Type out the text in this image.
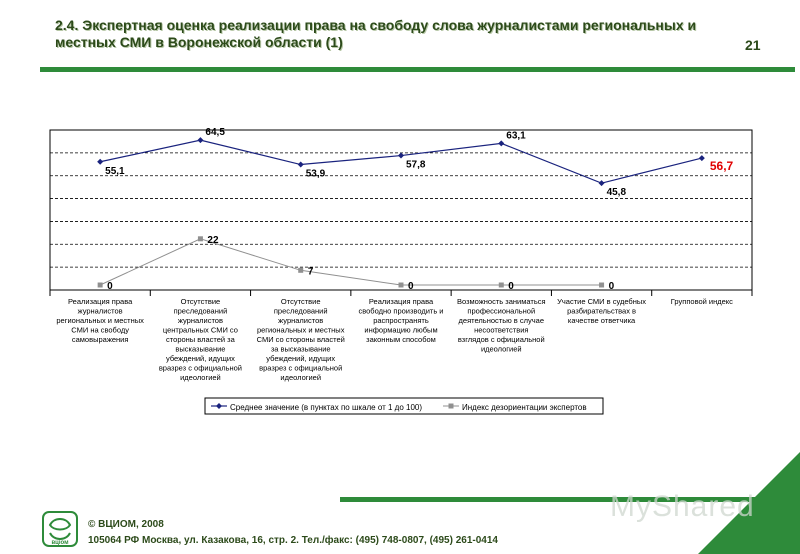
2.4. Экспертная оценка реализации права на свободу слова журналистами региональных и местных СМИ в Воронежской области (1)	21
55,1
64,5
53,9
57,8
63,1
45,8
56,7
0
22
7
0	0	0
Реализация права журналистов региональных и местных СМИ на свободу самовыражения
Отсутствие преследований журналистов центральных СМИ со стороны властей за высказывание убеждений, идущих вразрез с официальной идеологией
Отсутствие преследований журналистов региональных и местных СМИ со стороны властей за высказывание убеждений, идущих вразрез с официальной идеологией
Реализация права свободно производить и распространять информацию любым законным способом
Возможность заниматься профессиональной деятельностью в случае несоответствия взглядов с официальной идеологией
Участие СМИ в судебных разбирательствах в качестве ответчика
Групповой индекс
Среднее значение (в пунктах по шкале от 1 до 100)	Индекс дезориентации экспертов
MyShared
вцiом
© ВЦИОМ, 2008
105064 РФ Москва, ул. Казакова, 16, стр. 2. Тел./факс: (495) 748-0807, (495) 261-0414
